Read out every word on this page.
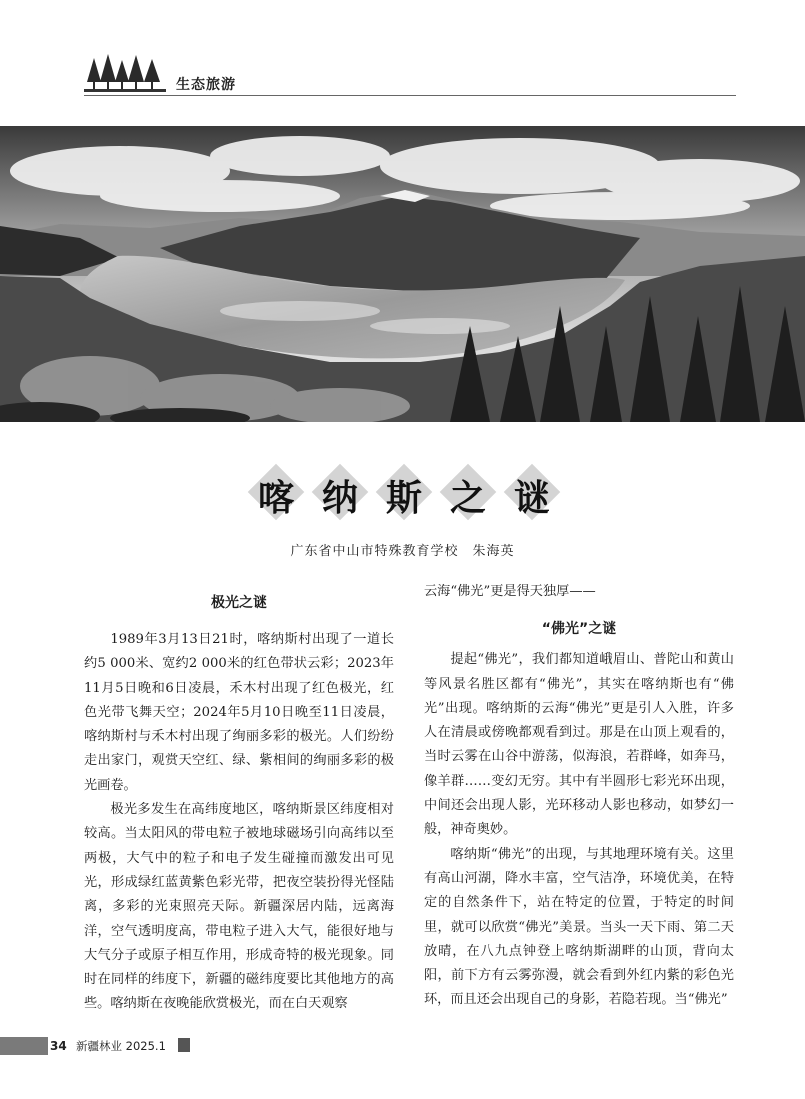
生态旅游
喀 纳 斯 之 谜
广东省中山市特殊教育学校　朱海英
极光之谜

1989年3月13日21时，喀纳斯村出现了一道长约5 000米、宽约2 000米的红色带状云彩；2023年11月5日晚和6日凌晨，禾木村出现了红色极光，红色光带飞舞天空；2024年5月10日晚至11日凌晨，喀纳斯村与禾木村出现了绚丽多彩的极光。人们纷纷走出家门，观赏天空红、绿、紫相间的绚丽多彩的极光画卷。

极光多发生在高纬度地区，喀纳斯景区纬度相对较高。当太阳风的带电粒子被地球磁场引向高纬以至两极，大气中的粒子和电子发生碰撞而激发出可见光，形成绿红蓝黄紫色彩光带，把夜空装扮得光怪陆离，多彩的光束照亮天际。新疆深居内陆，远离海洋，空气透明度高，带电粒子进入大气，能很好地与大气分子或原子相互作用，形成奇特的极光现象。同时在同样的纬度下，新疆的磁纬度要比其他地方的高些。喀纳斯在夜晚能欣赏极光，而在白天观察

云海“佛光”更是得天独厚——

“佛光”之谜

提起“佛光”，我们都知道峨眉山、普陀山和黄山等风景名胜区都有“佛光”，其实在喀纳斯也有“佛光”出现。喀纳斯的云海“佛光”更是引人入胜，许多人在清晨或傍晚都观看到过。那是在山顶上观看的，当时云雾在山谷中游荡，似海浪，若群峰，如奔马，像羊群……变幻无穷。其中有半圆形七彩光环出现，中间还会出现人影，光环移动人影也移动，如梦幻一般，神奇奥妙。

喀纳斯“佛光”的出现，与其地理环境有关。这里有高山河湖，降水丰富，空气洁净，环境优美，在特定的自然条件下，站在特定的位置，于特定的时间里，就可以欣赏“佛光”美景。当头一天下雨、第二天放晴，在八九点钟登上喀纳斯湖畔的山顶，背向太阳，前下方有云雾弥漫，就会看到外红内紫的彩色光环，而且还会出现自己的身影，若隐若现。当“佛光”

34 新疆林业 2025.1
